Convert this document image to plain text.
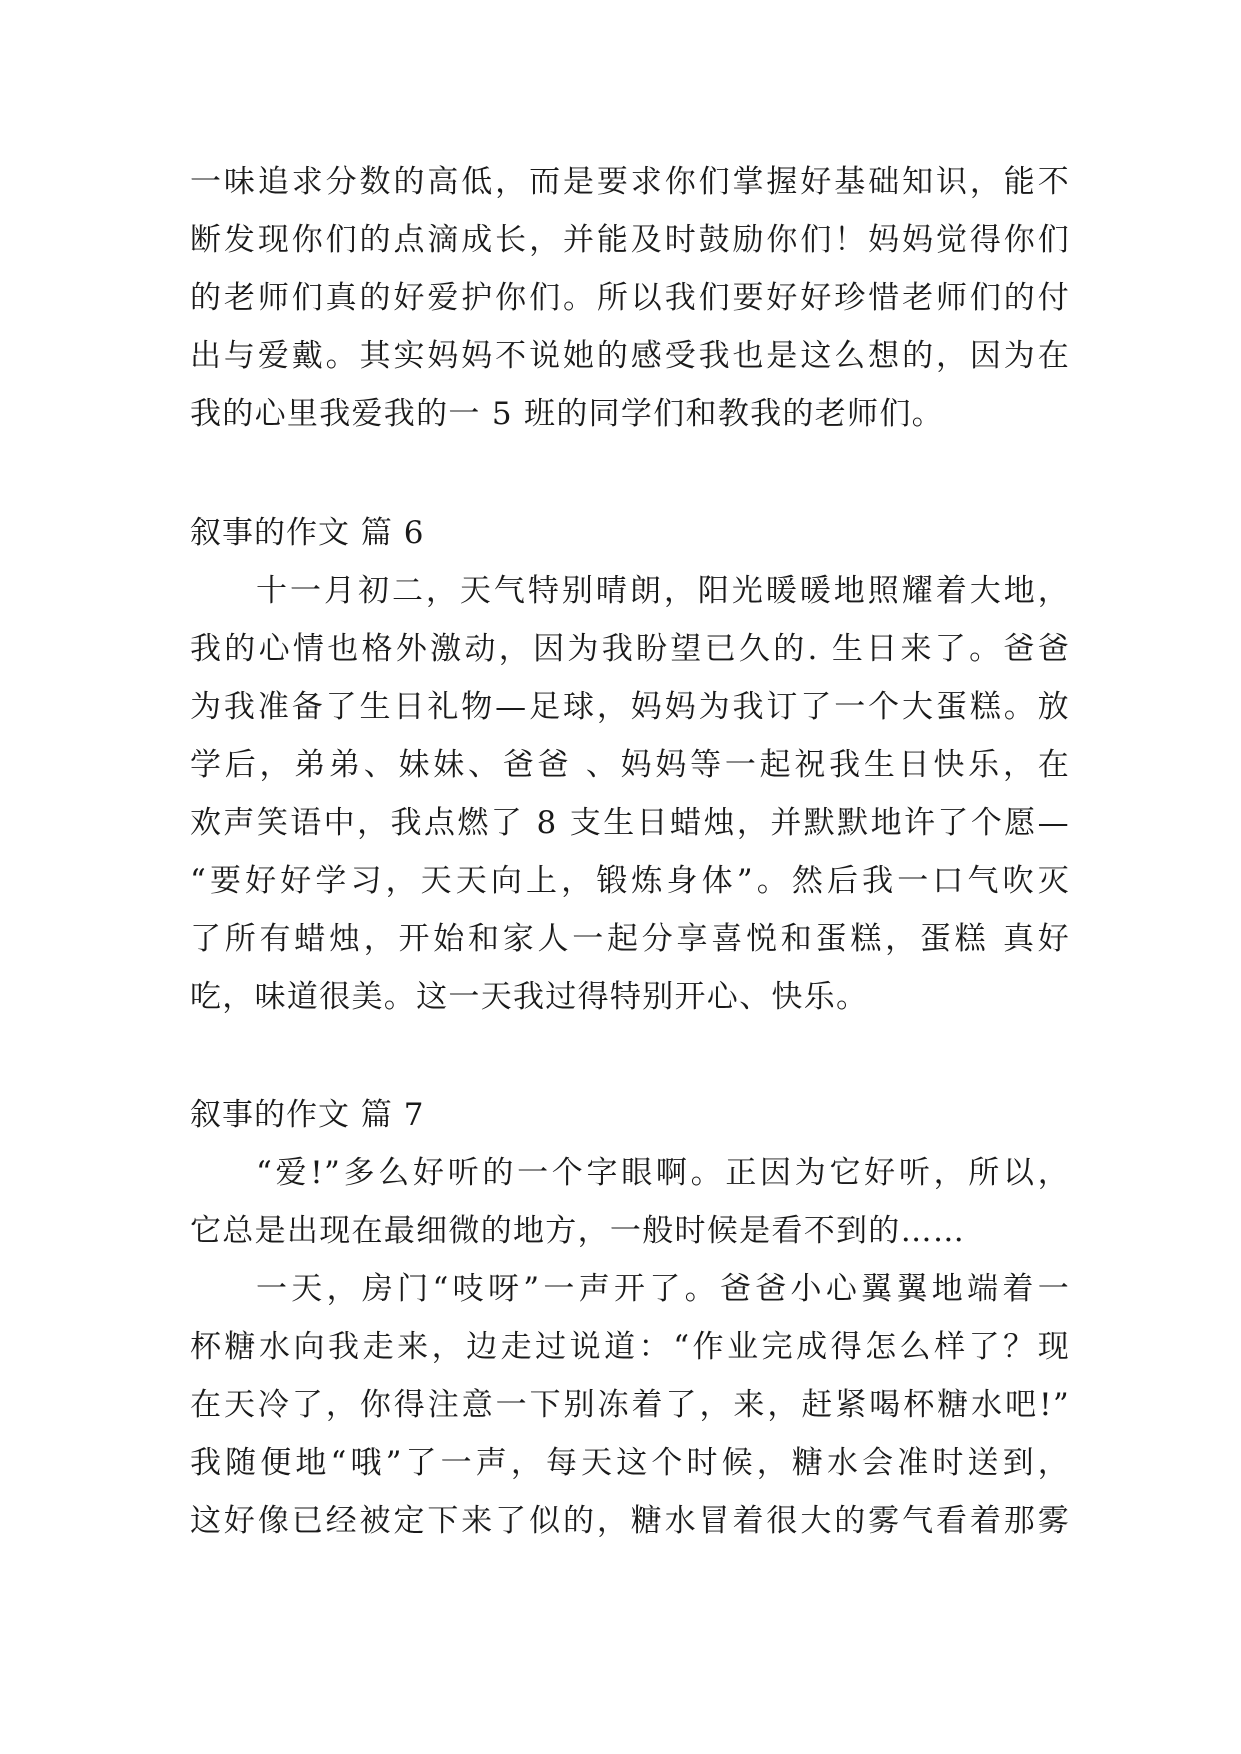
一味追求分数的高低，而是要求你们掌握好基础知识，能不
断发现你们的点滴成长，并能及时鼓励你们！妈妈觉得你们
的老师们真的好爱护你们。所以我们要好好珍惜老师们的付
出与爱戴。其实妈妈不说她的感受我也是这么想的，因为在
我的心里我爱我的一 5 班的同学们和教我的老师们。
叙事的作文 篇 6
十一月初二，天气特别晴朗，阳光暖暖地照耀着大地，
我的心情也格外激动，因为我盼望已久的. 生日来了。爸爸
为我准备了生日礼物—足球，妈妈为我订了一个大蛋糕。放
学后，弟弟、妹妹、爸爸 、妈妈等一起祝我生日快乐，在
欢声笑语中，我点燃了 8 支生日蜡烛，并默默地许了个愿—
“要好好学习，天天向上，锻炼身体”。然后我一口气吹灭
了所有蜡烛，开始和家人一起分享喜悦和蛋糕，蛋糕 真好
吃，味道很美。这一天我过得特别开心、快乐。
叙事的作文 篇 7
“爱!”多么好听的一个字眼啊。正因为它好听，所以，
它总是出现在最细微的地方，一般时候是看不到的……
一天，房门“吱呀”一声开了。爸爸小心翼翼地端着一
杯糖水向我走来，边走过说道：“作业完成得怎么样了？现
在天冷了，你得注意一下别冻着了，来，赶紧喝杯糖水吧!”
我随便地“哦”了一声，每天这个时候，糖水会准时送到，
这好像已经被定下来了似的，糖水冒着很大的雾气看着那雾
